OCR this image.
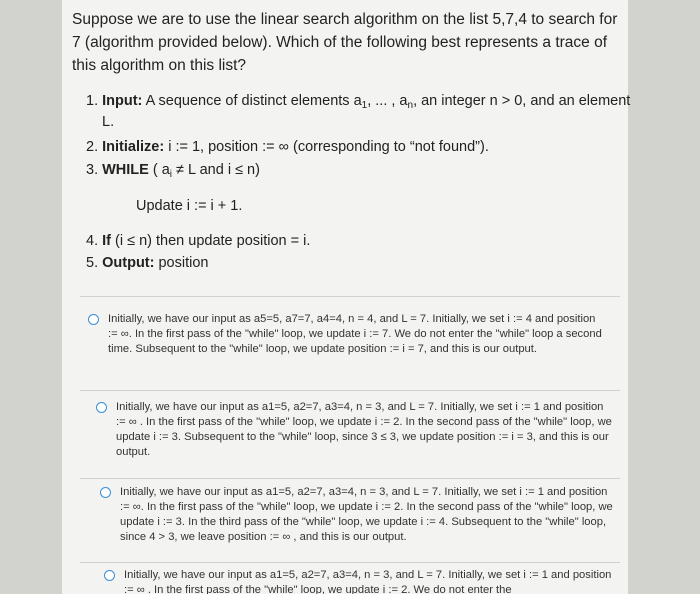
Suppose we are to use the linear search algorithm on the list 5,7,4 to search for 7 (algorithm provided below). Which of the following best represents a trace of this algorithm on this list?
1. Input: A sequence of distinct elements $a_1$, ... , $a_n$, an integer n > 0, and an element
L.
2. Initialize: i := 1, position := ∞ (corresponding to “not found”).
3. WHILE ( $a_i \ne L$ and i ≤ n)
Update i := i + 1.
4. If (i ≤ n) then update position = i.
5. Output: position
Initially, we have our input as a5=5, a7=7, a4=4, n = 4, and L = 7. Initially, we set i := 4 and position := ∞. In the first pass of the "while" loop, we update i := 7. We do not enter the "while" loop a second time. Subsequent to the "while" loop, we update position := i = 7, and this is our output.
Initially, we have our input as a1=5, a2=7, a3=4, n = 3, and L = 7. Initially, we set i := 1 and position := ∞ . In the first pass of the "while" loop, we update i := 2. In the second pass of the "while" loop, we update i := 3. Subsequent to the "while" loop, since 3 ≤ 3, we update position := i = 3, and this is our output.
Initially, we have our input as a1=5, a2=7, a3=4, n = 3, and L = 7. Initially, we set i := 1 and position := ∞. In the first pass of the "while" loop, we update i := 2. In the second pass of the "while" loop, we update i := 3. In the third pass of the "while" loop, we update i := 4. Subsequent to the "while" loop, since 4 > 3, we leave position := ∞ , and this is our output.
Initially, we have our input as a1=5, a2=7, a3=4, n = 3, and L = 7. Initially, we set i := 1 and position := ∞ . In the first pass of the "while" loop, we update i := 2. We do not enter the
